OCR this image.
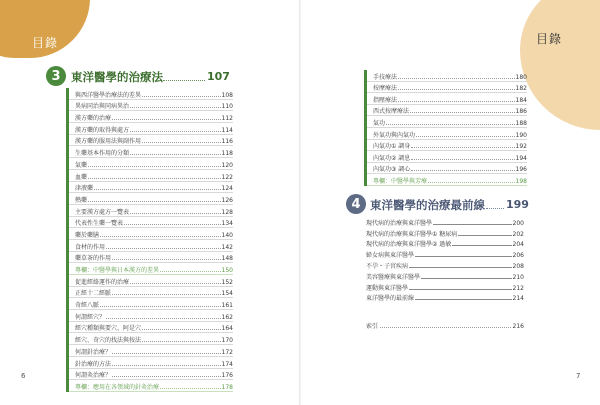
目錄
3 東洋醫學的治療法	107
與西洋醫學治療法的差異	108
異病同治與同病異治	110
漢方藥的治療	112
漢方藥的取得與處方	114
漢方藥的服用法與副作用	116
生藥基本作用的分類	118
氣藥	120
血藥	122
津液藥	124
熱藥	126
主要漢方處方一覽表	128
代表性生藥一覽表	134
藥於藥膳	140
食材的作用	142
藥草茶的作用	148
專欄：中醫學與日本漢方的差異	150
促進經絡運作的治療	152
正經十二經脈	154
奇經八脈	161
何謂經穴？	162
經穴種類與要穴、阿是穴	164
經穴、奇穴的找法與按法	170
何謂針治療？	172
針治療的方法	174
何謂灸治療？	176
專欄：應用在各領域的針灸治療	178
6
目錄
手技療法	180
按摩療法	182
指壓療法	184
西式按摩療法	186
氣功	188
外氣功與內氣功	190
內氣功① 調身	192
內氣功② 調息	194
內氣功③ 調心	196
專欄：中醫學與芳療	198
4 東洋醫學的治療最前線 199
現代病的治療與東洋醫學	200
現代病的治療與東洋醫學① 糖尿病	202
現代病的治療與東洋醫學② 過敏	204
婦女病與東洋醫學	206
不孕・子宮疾病	208
美容醫療與東洋醫學	210
運動與東洋醫學	212
東洋醫學的最前線	214
索引	216
7
